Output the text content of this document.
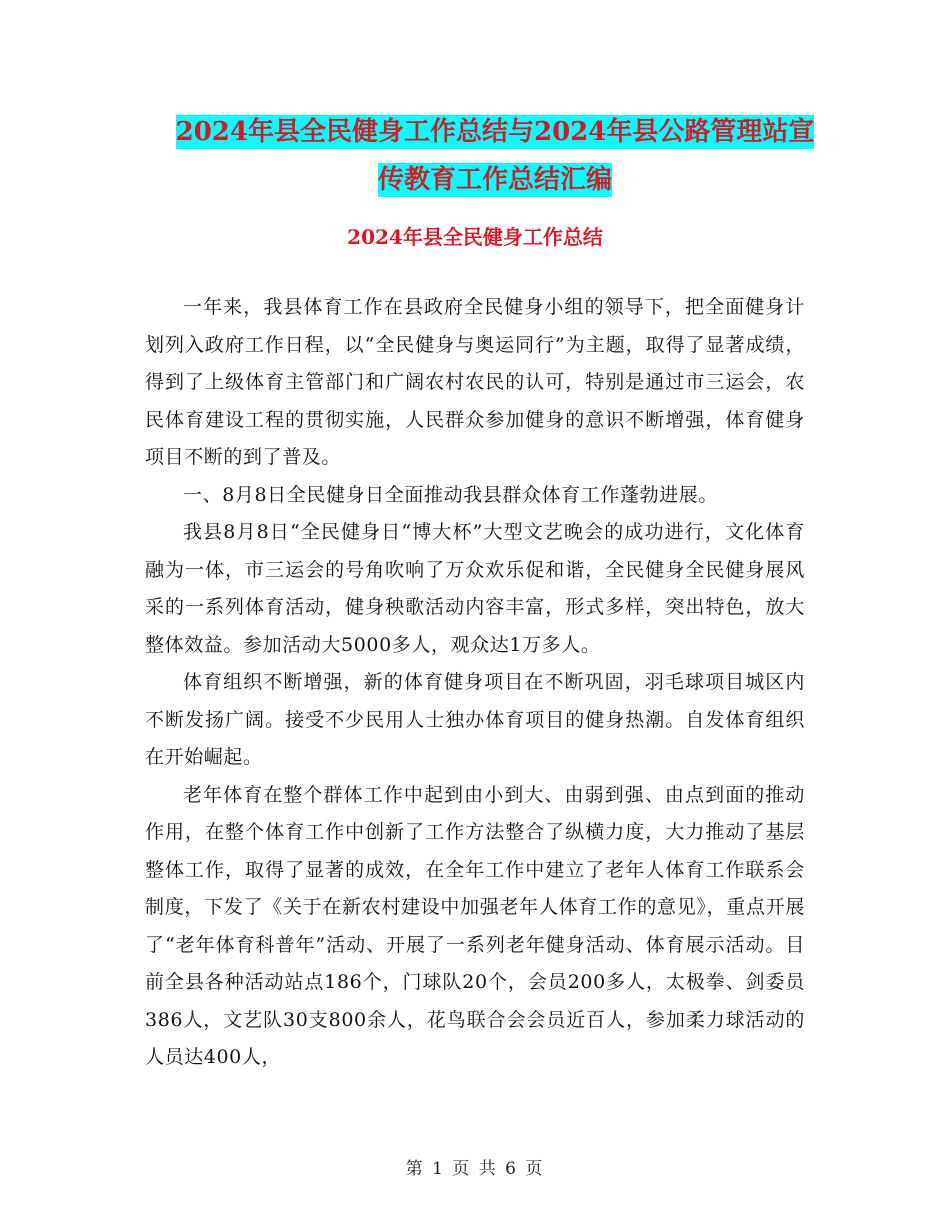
2024年县全民健身工作总结与2024年县公路管理站宣
传教育工作总结汇编
2024年县全民健身工作总结

一年来，我县体育工作在县政府全民健身小组的领导下，把全面健身计划列入政府工作日程，以“全民健身与奥运同行”为主题，取得了显著成绩，得到了上级体育主管部门和广阔农村农民的认可，特别是通过市三运会，农民体育建设工程的贯彻实施，人民群众参加健身的意识不断增强，体育健身项目不断的到了普及。

一、8月8日全民健身日全面推动我县群众体育工作蓬勃进展。

我县8月8日“全民健身日“博大杯”大型文艺晚会的成功进行，文化体育融为一体，市三运会的号角吹响了万众欢乐促和谐，全民健身全民健身展风采的一系列体育活动，健身秧歌活动内容丰富，形式多样，突出特色，放大整体效益。参加活动大5000多人，观众达1万多人。

体育组织不断增强，新的体育健身项目在不断巩固，羽毛球项目城区内不断发扬广阔。接受不少民用人士独办体育项目的健身热潮。自发体育组织在开始崛起。

老年体育在整个群体工作中起到由小到大、由弱到强、由点到面的推动作用，在整个体育工作中创新了工作方法整合了纵横力度，大力推动了基层整体工作，取得了显著的成效，在全年工作中建立了老年人体育工作联系会制度，下发了《关于在新农村建设中加强老年人体育工作的意见》，重点开展了“老年体育科普年”活动、开展了一系列老年健身活动、体育展示活动。目前全县各种活动站点186个，门球队20个，会员200多人，太极拳、剑委员386人，文艺队30支800余人，花鸟联合会会员近百人，参加柔力球活动的人员达400人，

第 1 页 共 6 页
